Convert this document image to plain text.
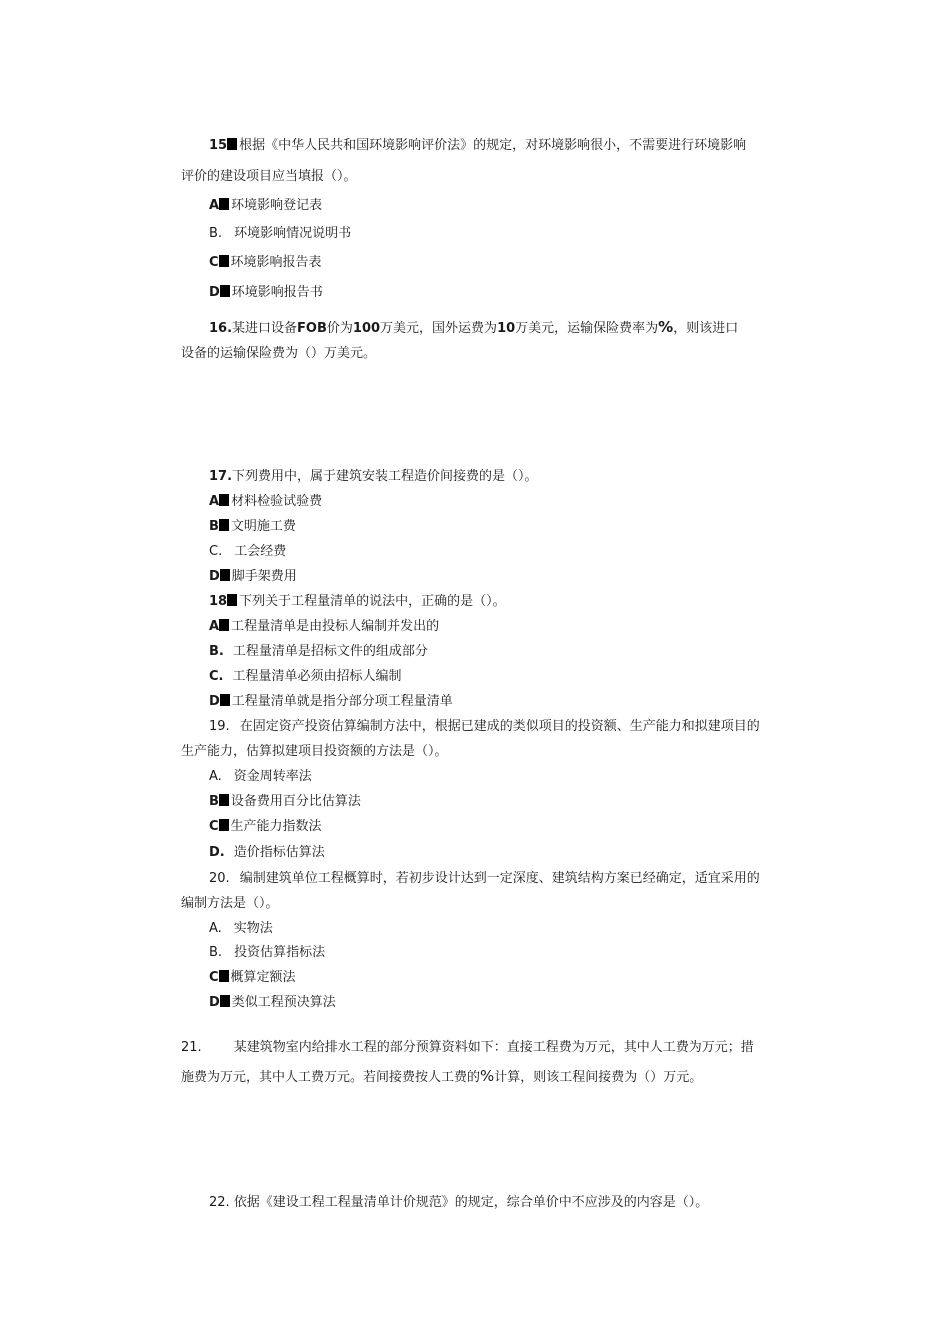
15 根据《中华人民共和国环境影响评价法》的规定，对环境影响很小，不需要进行环境影响
评价的建设项目应当填报（）。
A 环境影响登记表
B. 环境影响情况说明书
C 环境影响报告表
D 环境影响报告书
16.某进口设备FOB价为100万美元，国外运费为10万美元，运输保险费率为%，则该进口
设备的运输保险费为（）万美元。
17.下列费用中，属于建筑安装工程造价间接费的是（）。
A 材料检验试验费
B 文明施工费
C. 工会经费
D 脚手架费用
18 下列关于工程量清单的说法中，正确的是（）。
A 工程量清单是由投标人编制并发出的
B. 工程量清单是招标文件的组成部分
C. 工程量清单必须由招标人编制
D 工程量清单就是指分部分项工程量清单
19. 在固定资产投资估算编制方法中，根据已建成的类似项目的投资额、生产能力和拟建项目的
生产能力，估算拟建项目投资额的方法是（）。
A. 资金周转率法
B 设备费用百分比估算法
C 生产能力指数法
D. 造价指标估算法
20. 编制建筑单位工程概算时，若初步设计达到一定深度、建筑结构方案已经确定，适宜采用的
编制方法是（）。
A. 实物法
B. 投资估算指标法
C 概算定额法
D 类似工程预决算法
21. 某建筑物室内给排水工程的部分预算资料如下：直接工程费为万元，其中人工费为万元；措
施费为万元，其中人工费万元。若间接费按人工费的%计算，则该工程间接费为（）万元。
22. 依据《建设工程工程量清单计价规范》的规定，综合单价中不应涉及的内容是（）。
